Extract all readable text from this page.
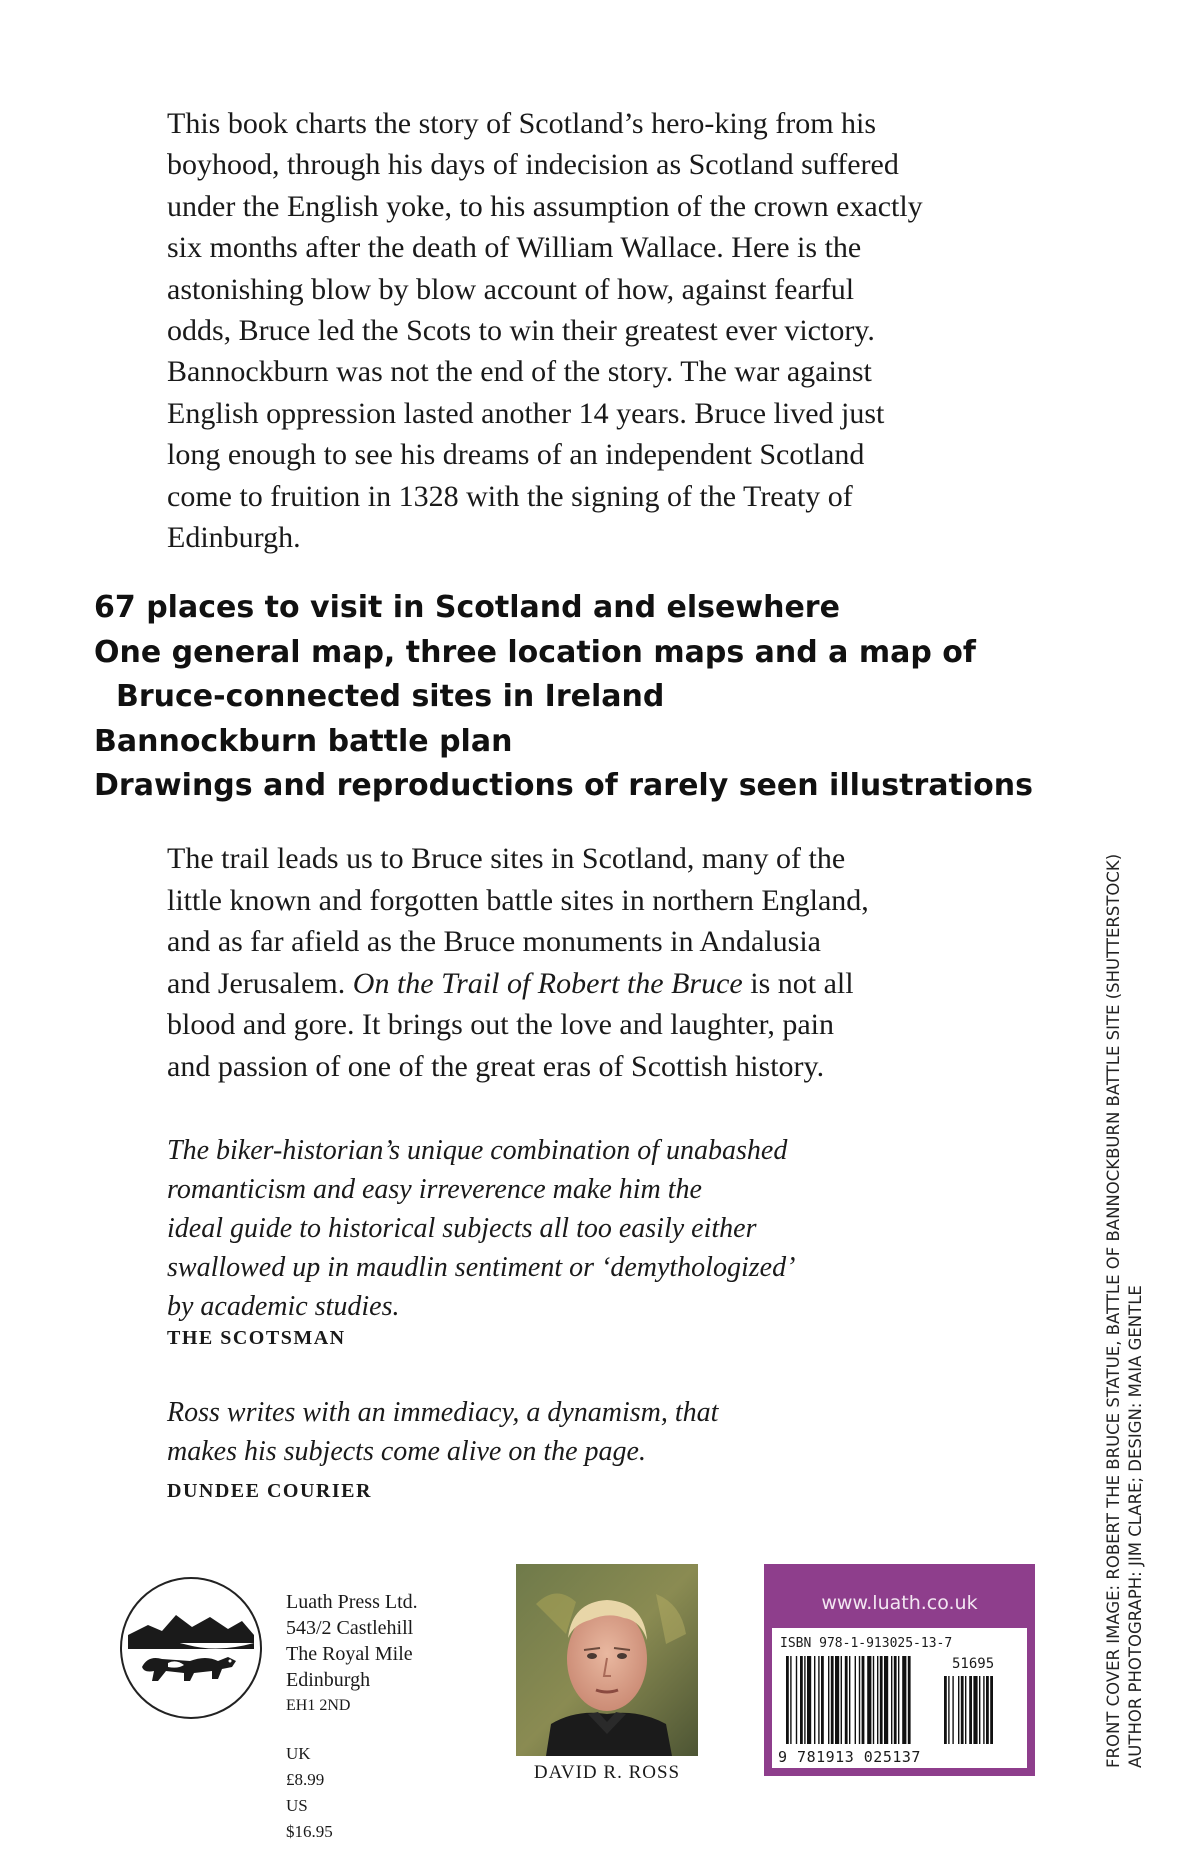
This book charts the story of Scotland’s hero-king from his
boyhood, through his days of indecision as Scotland suffered
under the English yoke, to his assumption of the crown exactly
six months after the death of William Wallace. Here is the
astonishing blow by blow account of how, against fearful
odds, Bruce led the Scots to win their greatest ever victory.
Bannockburn was not the end of the story. The war against
English oppression lasted another 14 years. Bruce lived just
long enough to see his dreams of an independent Scotland
come to fruition in 1328 with the signing of the Treaty of
Edinburgh.

67 places to visit in Scotland and elsewhere
One general map, three location maps and a map of
Bruce-connected sites in Ireland
Bannockburn battle plan
Drawings and reproductions of rarely seen illustrations

The trail leads us to Bruce sites in Scotland, many of the
little known and forgotten battle sites in northern England,
and as far afield as the Bruce monuments in Andalusia
and Jerusalem. On the Trail of Robert the Bruce is not all
blood and gore. It brings out the love and laughter, pain
and passion of one of the great eras of Scottish history.

The biker-historian’s unique combination of unabashed
romanticism and easy irreverence make him the
ideal guide to historical subjects all too easily either
swallowed up in maudlin sentiment or ‘demythologized’
by academic studies.

THE SCOTSMAN

Ross writes with an immediacy, a dynamism, that
makes his subjects come alive on the page.

DUNDEE COURIER
Luath Press Ltd.
543/2 Castlehill
The Royal Mile
Edinburgh
EH1 2ND
UK
£8.99
US
$16.95
DAVID R. ROSS
www.luath.co.uk
ISBN 978-1-913025-13-7
51695
9 781913 025137	FRONT COVER IMAGE: ROBERT THE BRUCE STATUE, BATTLE OF BANNOCKBURN BATTLE SITE (SHUTTERSTOCK) AUTHOR PHOTOGRAPH: JIM CLARE; DESIGN: MAIA GENTLE
